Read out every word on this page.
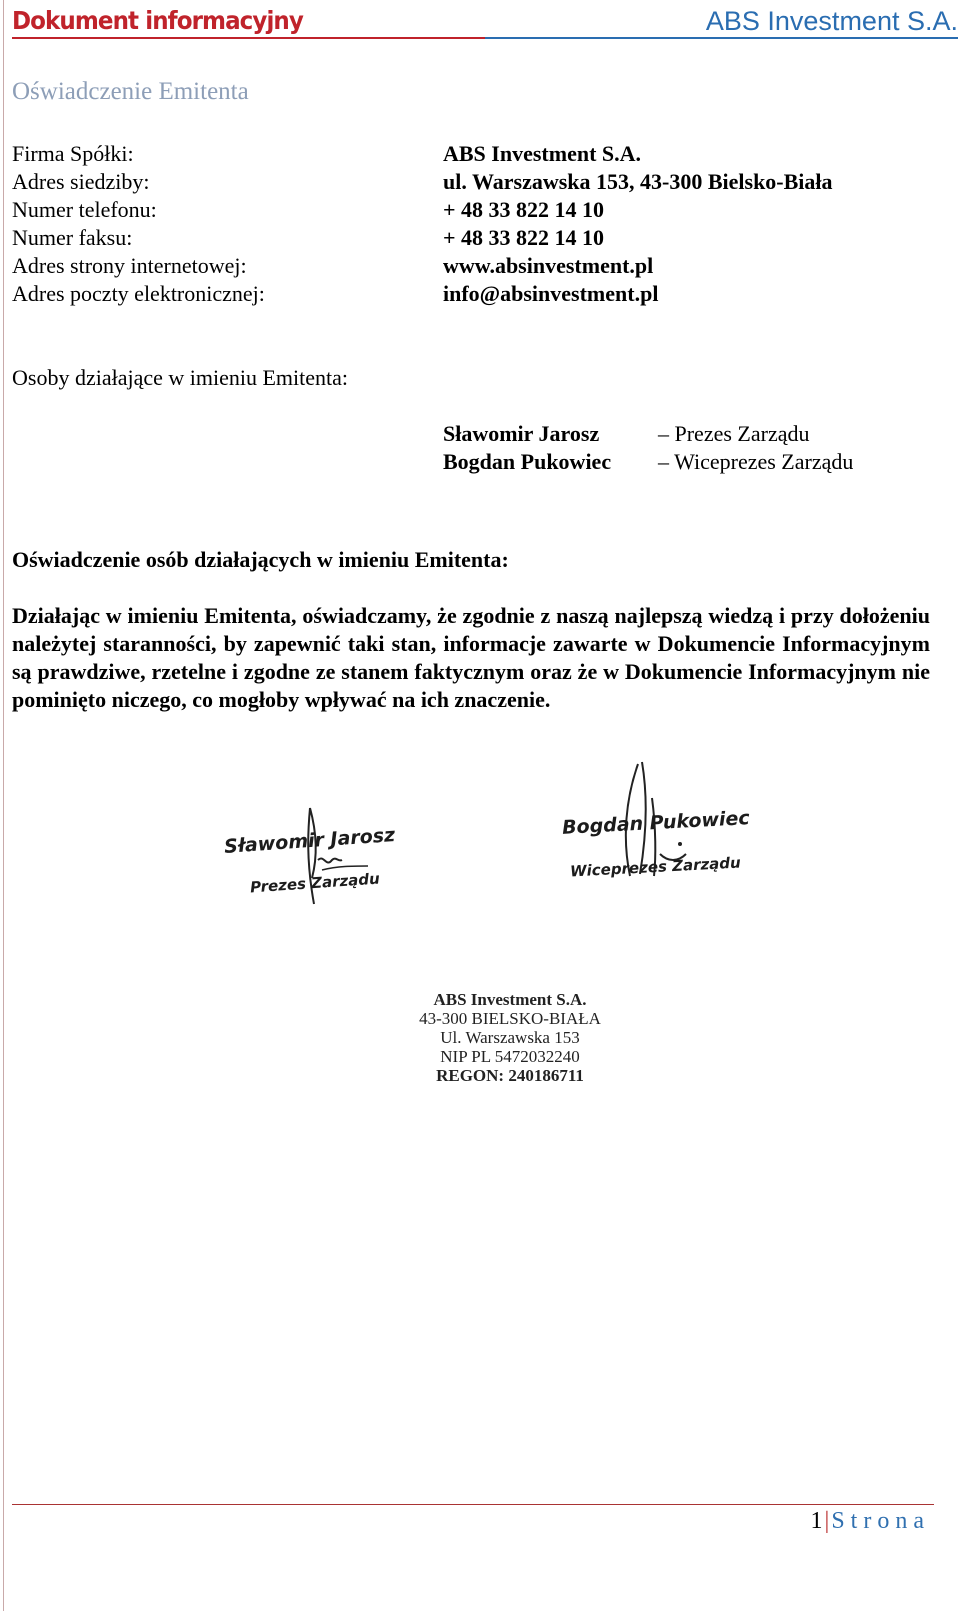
Dokument informacyjny	ABS Investment S.A.
Oświadczenie Emitenta
Firma Spółki:	ABS Investment S.A.
Adres siedziby:	ul. Warszawska 153, 43-300 Bielsko-Biała
Numer telefonu:	+ 48 33 822 14 10
Numer faksu:	+ 48 33 822 14 10
Adres strony internetowej:	www.absinvestment.pl
Adres poczty elektronicznej:	info@absinvestment.pl
Osoby działające w imieniu Emitenta:
Sławomir Jarosz	– Prezes Zarządu
Bogdan Pukowiec – Wiceprezes Zarządu
Oświadczenie osób działających w imieniu Emitenta:
Działając w imieniu Emitenta, oświadczamy, że zgodnie z naszą najlepszą wiedzą i przy dołożeniu należytej staranności, by zapewnić taki stan, informacje zawarte w Dokumencie Informacyjnym są prawdziwe, rzetelne i zgodne ze stanem faktycznym oraz że w Dokumencie Informacyjnym nie pominięto niczego, co mogłoby wpływać na ich znaczenie.
Sławomir Jarosz
Prezes Zarządu
Bogdan Pukowiec
Wiceprezes Zarządu
ABS Investment S.A.
43-300 BIELSKO-BIAŁA
Ul. Warszawska 153
NIP PL 5472032240
REGON: 240186711
1|Strona
